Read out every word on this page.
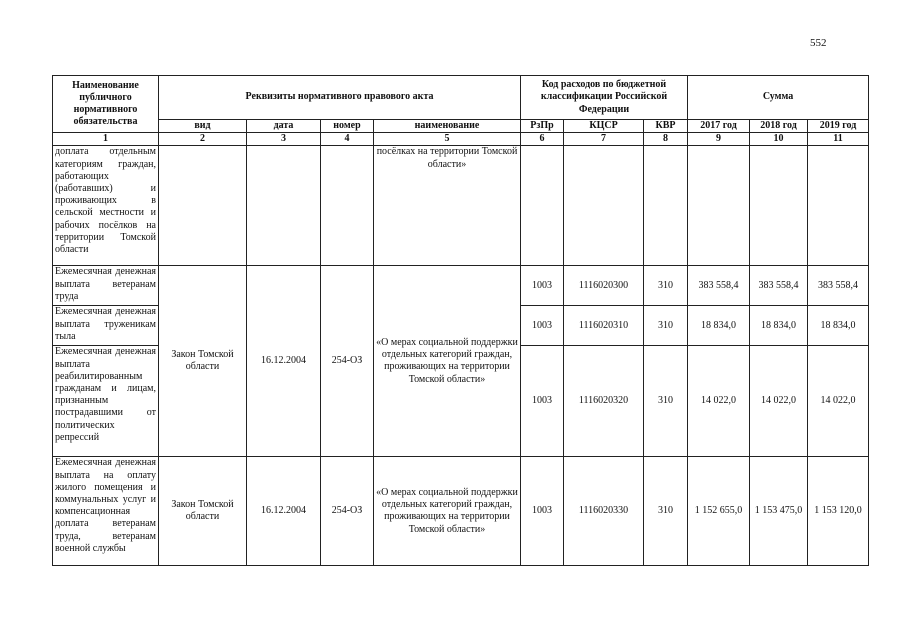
552
Наименование публичного нормативного обязательства	Реквизиты нормативного правового акта				Код расходов по бюджетной классификации Российской Федерации			Сумма		
	вид	дата	номер	наименование	РзПр	КЦСР	КВР	2017 год	2018 год	2019 год
1	2	3	4	5	6	7	8	9	10	11
доплата отдельным категориям граждан, работающих (работавших) и проживающих в сельской местности и рабочих посёлков на территории Томской области				посёлках на территории Томской области»						
Ежемесячная денежная выплата ветеранам труда	Закон Томской области	16.12.2004	254-ОЗ	«О мерах социальной поддержки отдельных категорий граждан, проживающих на территории Томской области»	1003	1116020300	310	383 558,4	383 558,4	383 558,4
Ежемесячная денежная выплата труженикам тыла					1003	1116020310	310	18 834,0	18 834,0	18 834,0
Ежемесячная денежная выплата реабилитированным гражданам и лицам, признанным пострадавшими от политических репрессий					1003	1116020320	310	14 022,0	14 022,0	14 022,0
Ежемесячная денежная выплата на оплату жилого помещения и коммунальных услуг и компенсационная доплата ветеранам труда, ветеранам военной службы	Закон Томской области	16.12.2004	254-ОЗ	«О мерах социальной поддержки отдельных категорий граждан, проживающих на территории Томской области»	1003	1116020330	310	1 152 655,0	1 153 475,0	1 153 120,0
